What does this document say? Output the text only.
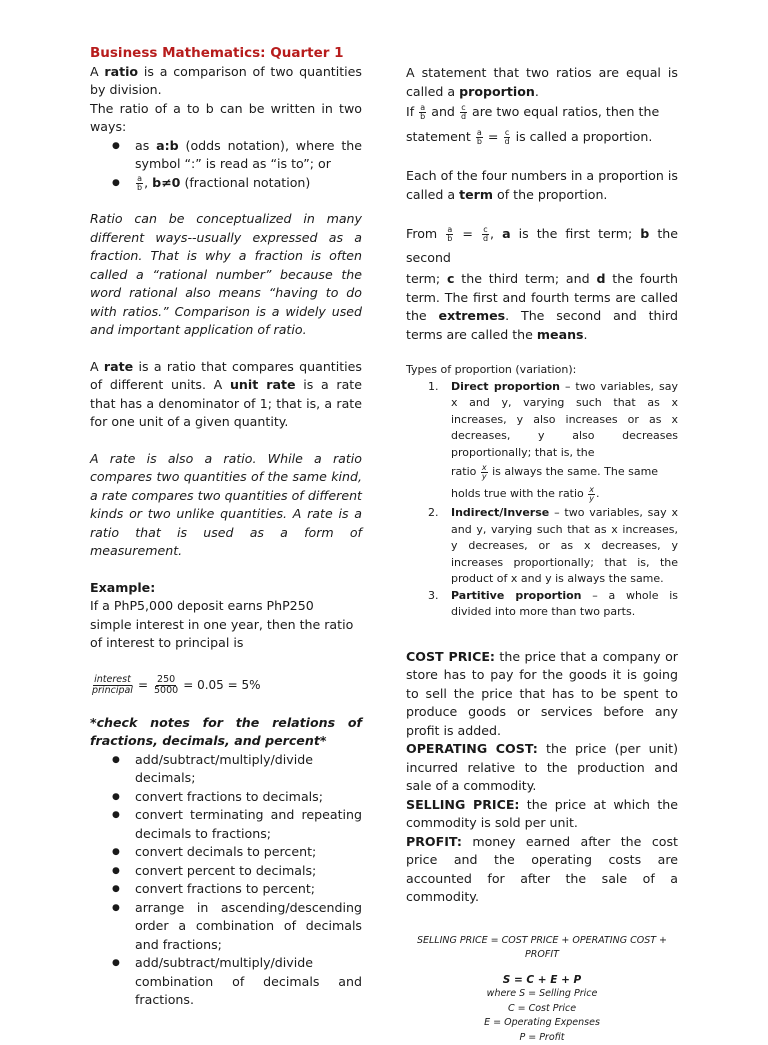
Business Mathematics: Quarter 1

A ratio is a comparison of two quantities by division.

The ratio of a to b can be written in two ways:

● as a:b (odds notation), where the symbol “:” is read as “is to”; or
● $\frac{a}{b}$ , b≠0 (fractional notation)

Ratio can be conceptualized in many different ways--usually expressed as a fraction. That is why a fraction is often called a “rational number” because the word rational also means “having to do with ratios.” Comparison is a widely used and important application of ratio.

A rate is a ratio that compares quantities of different units. A unit rate is a rate that has a denominator of 1; that is, a rate for one unit of a given quantity.

A rate is also a ratio. While a ratio compares two quantities of the same kind, a rate compares two quantities of different kinds or two unlike quantities. A rate is a ratio that is used as a form of measurement.

Example:

If a PhP5,000 deposit earns PhP250

simple interest in one year, then the ratio of interest to principal is

$\frac{\text{interest}}{\text{principal}} = \frac{250}{5000} = 0.05 = 5\%$

*check notes for the relations of fractions, decimals, and percent*

● add/subtract/multiply/divide decimals;
● convert fractions to decimals;
● convert terminating and repeating decimals to fractions;
● convert decimals to percent;
● convert percent to decimals;
● convert fractions to percent;
● arrange in ascending/descending order a combination of decimals and fractions;
● add/subtract/multiply/divide combination of decimals and fractions.

A statement that two ratios are equal is called a proportion.

If $\frac{a}{b}$ and $\frac{c}{d}$ are two equal ratios, then the

statement $\frac{a}{b} = \frac{c}{d}$ is called a proportion.

Each of the four numbers in a proportion is called a term of the proportion.

From $\frac{a}{b} = \frac{c}{d}$ , a is the first term; b the second

term; c the third term; and d the fourth term. The first and fourth terms are called the extremes. The second and third terms are called the means.

Types of proportion (variation):

1. Direct proportion – two variables, say x and y, varying such that as x increases, y also increases or as x decreases, y also decreases proportionally; that is, the
ratio $\frac{x}{y}$ is always the same. The same
holds true with the ratio $\frac{x}{y}$ .
2. Indirect/Inverse – two variables, say x and y, varying such that as x increases, y decreases, or as x decreases, y increases proportionally; that is, the product of x and y is always the same.
3. Partitive proportion – a whole is divided into more than two parts.

COST PRICE: the price that a company or store has to pay for the goods it is going to sell the price that has to be spent to produce goods or services before any profit is added.

OPERATING COST: the price (per unit) incurred relative to the production and sale of a commodity.

SELLING PRICE: the price at which the commodity is sold per unit.

PROFIT: money earned after the cost price and the operating costs are accounted for after the sale of a commodity.

SELLING PRICE = COST PRICE + OPERATING COST + PROFIT
S = C + E + P
where S = Selling Price
C = Cost Price
E = Operating Expenses
P = Profit
